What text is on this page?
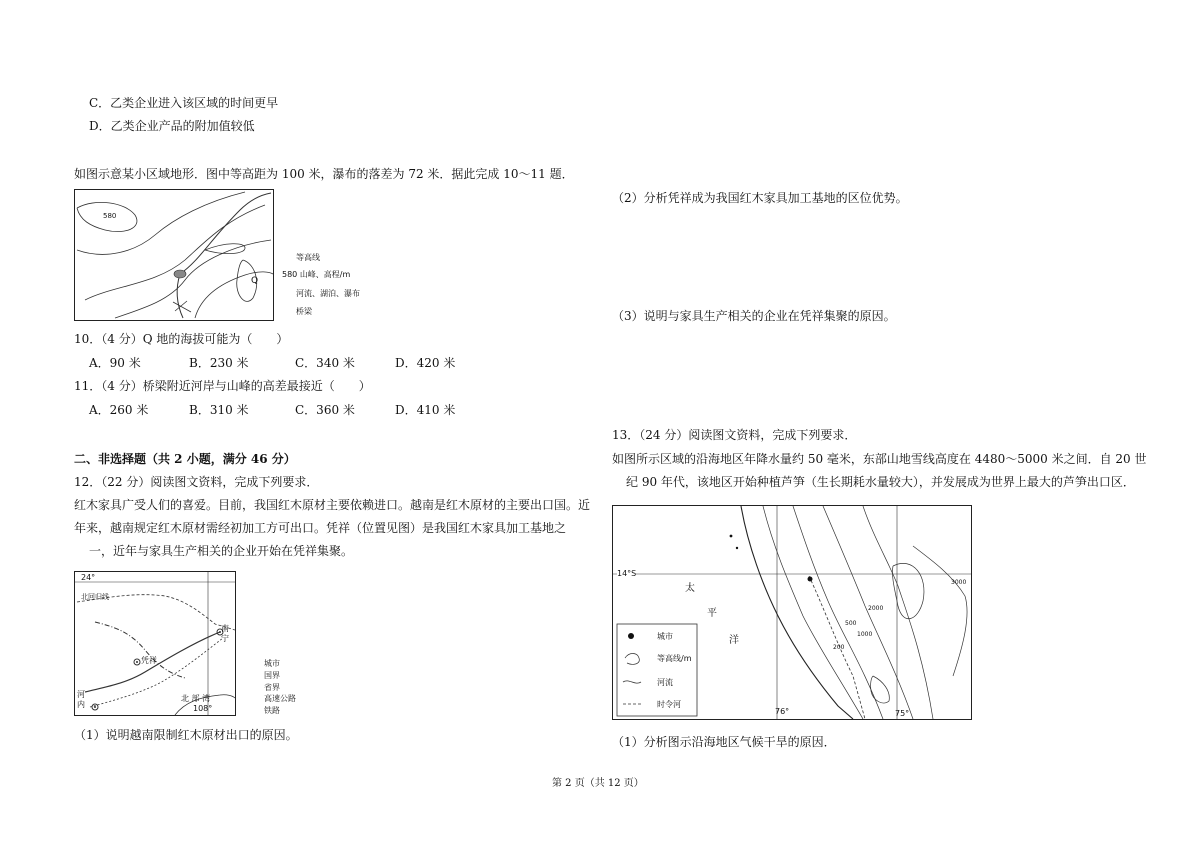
C．乙类企业进入该区域的时间更早
D．乙类企业产品的附加值较低
如图示意某小区域地形．图中等高距为 100 米，瀑布的落差为 72 米．据此完成 10～11 题．
580
Q
等高线
580 山峰、高程/m
河流、湖泊、瀑布
桥梁
10．（4 分）Q 地的海拔可能为（　　）
A．90 米	B．230 米	C．340 米	D．420 米
11．（4 分）桥梁附近河岸与山峰的高差最接近（　　）
A．260 米	B．310 米	C．360 米	D．410 米
二、非选择题（共 2 小题，满分 46 分）
12．（22 分）阅读图文资料，完成下列要求．
红木家具广受人们的喜爱。目前，我国红木原材主要依赖进口。越南是红木原材的主要出口国。近
年来，越南规定红木原材需经初加工方可出口。凭祥（位置见图）是我国红木家具加工基地之
一，近年与家具生产相关的企业开始在凭祥集聚。
24°
北回归线
凭祥
南宁
河内
北 部 湾
108°
城市
国界
省界
高速公路
铁路
（1）说明越南限制红木原材出口的原因。
（2）分析凭祥成为我国红木家具加工基地的区位优势。
（3）说明与家具生产相关的企业在凭祥集聚的原因。
13．（24 分）阅读图文资料，完成下列要求．
如图所示区域的沿海地区年降水量约 50 毫米，东部山地雪线高度在 4480～5000 米之间．自 20 世
纪 90 年代，该地区开始种植芦笋（生长期耗水量较大），并发展成为世界上最大的芦笋出口区．
14°S
太
平
洋
76°	75°
200
500
1000
2000
3000
城市
等高线/m
河流
时令河
（1）分析图示沿海地区气候干旱的原因．
第 2 页（共 12 页）
